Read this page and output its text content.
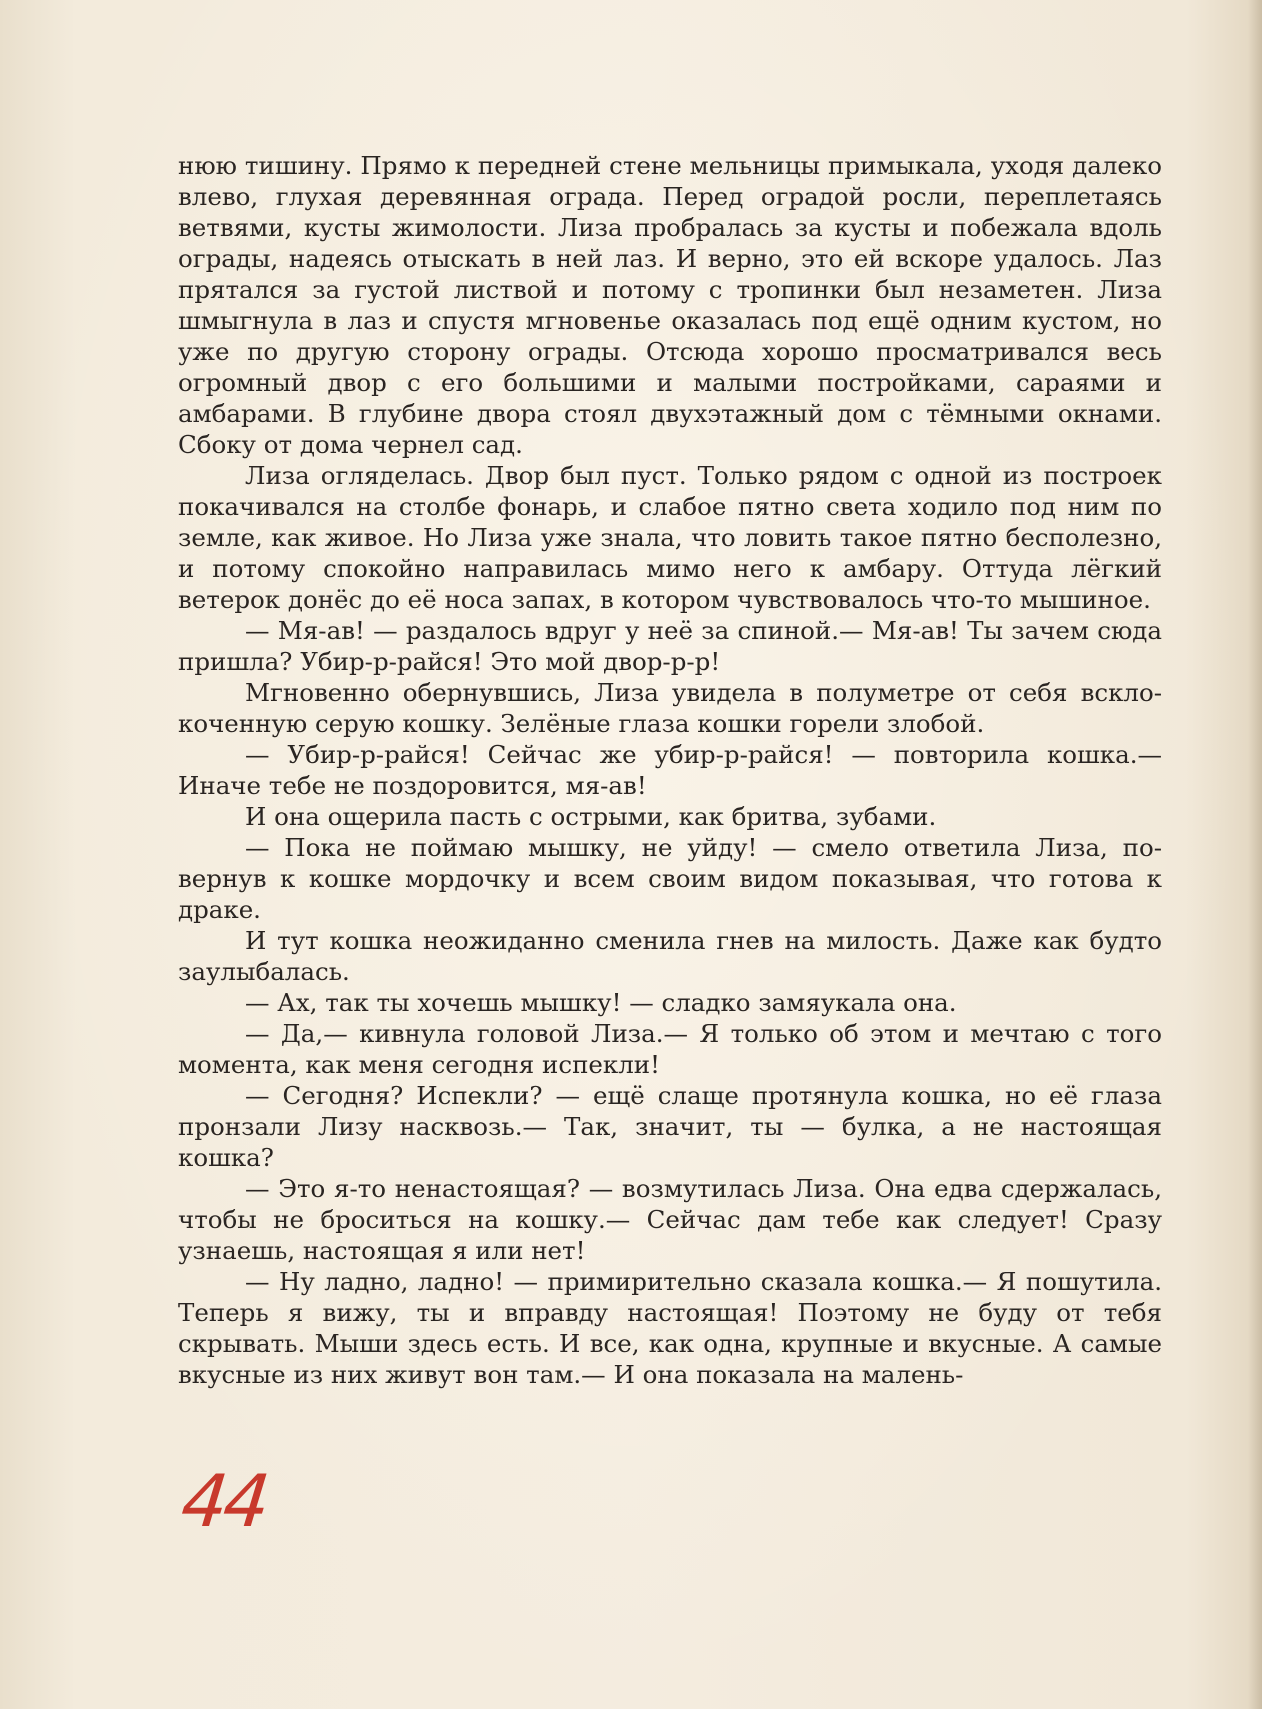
нюю тишину. Прямо к передней стене мельницы примыкала, уходя далеко влево, глухая деревянная ограда. Перед оградой росли, переплетаясь ветвями, кусты жимолости. Лиза пробралась за кусты и побежала вдоль ограды, надеясь отыскать в ней лаз. И верно, это ей вскоре удалось. Лаз прятался за густой листвой и потому с тропинки был незаметен. Лиза шмыгнула в лаз и спустя мгновенье оказалась под ещё одним кустом, но уже по другую сторону ограды. Отсюда хорошо просматривался весь огромный двор с его большими и малыми постройками, сараями и амбарами. В глубине двора стоял двухэтажный дом с тёмными окнами. Сбоку от дома чернел сад.

Лиза огляделась. Двор был пуст. Только рядом с одной из построек покачивался на столбе фонарь, и слабое пятно света ходило под ним по земле, как живое. Но Лиза уже знала, что ловить такое пятно бесполезно, и потому спокойно направилась мимо него к амбару. Оттуда лёгкий ветерок донёс до её носа запах, в котором чувствовалось что-то мышиное.

— Мя-ав! — раздалось вдруг у неё за спиной.— Мя-ав! Ты зачем сюда пришла? Убир-р-райся! Это мой двор-р-р!

Мгновенно обернувшись, Лиза увидела в полуметре от себя всклокоченную серую кошку. Зелёные глаза кошки горели злобой.

— Убир-р-райся! Сейчас же убир-р-райся! — повторила кошка.— Иначе тебе не поздоровится, мя-ав!

И она ощерила пасть с острыми, как бритва, зубами.

— Пока не поймаю мышку, не уйду! — смело ответила Лиза, повернув к кошке мордочку и всем своим видом показывая, что готова к драке.

И тут кошка неожиданно сменила гнев на милость. Даже как будто заулыбалась.

— Ах, так ты хочешь мышку! — сладко замяукала она.

— Да,— кивнула головой Лиза.— Я только об этом и мечтаю с того момента, как меня сегодня испекли!

— Сегодня? Испекли? — ещё слаще протянула кошка, но её глаза пронзали Лизу насквозь.— Так, значит, ты — булка, а не настоящая кошка?

— Это я-то ненастоящая? — возмутилась Лиза. Она едва сдержалась, чтобы не броситься на кошку.— Сейчас дам тебе как следует! Сразу узнаешь, настоящая я или нет!

— Ну ладно, ладно! — примирительно сказала кошка.— Я пошутила. Теперь я вижу, ты и вправду настоящая! Поэтому не буду от тебя скрывать. Мыши здесь есть. И все, как одна, крупные и вкусные. А самые вкусные из них живут вон там.— И она показала на малень-

44
